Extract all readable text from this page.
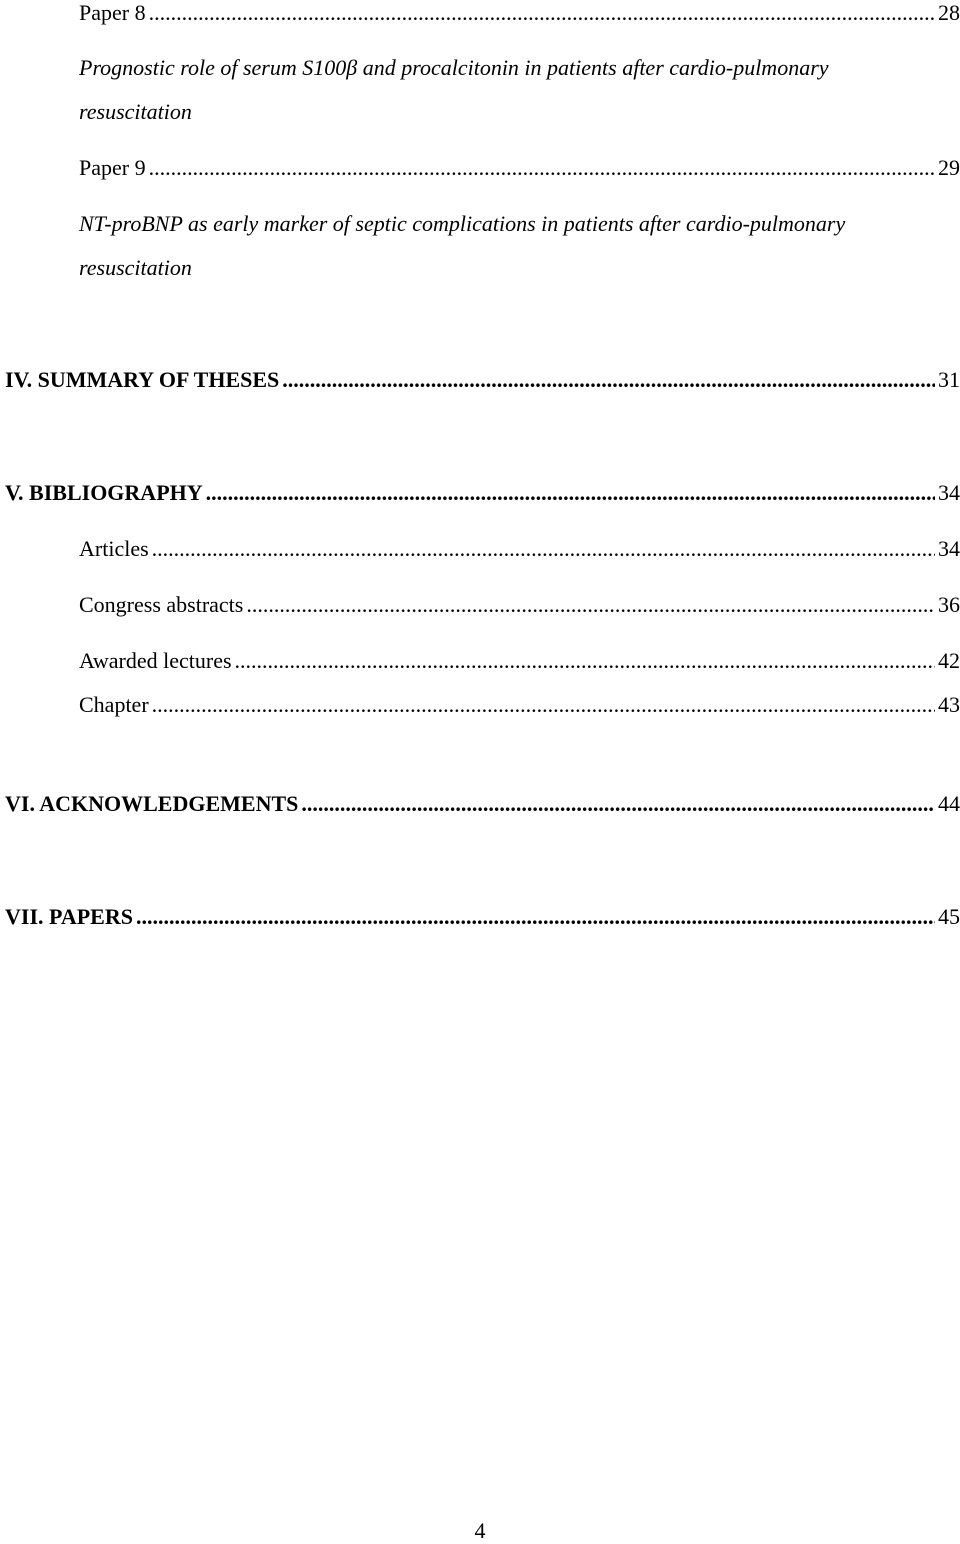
Paper 8 .....	28
Prognostic role of serum S100β and procalcitonin in patients after cardio-pulmonary resuscitation
Paper 9 .....	29
NT-proBNP as early marker of septic complications in patients after cardio-pulmonary resuscitation
IV. SUMMARY OF THESES .....	31
V. BIBLIOGRAPHY .....	34
Articles .....	34
Congress abstracts .....	36
Awarded lectures .....	42
Chapter .....	43
VI. ACKNOWLEDGEMENTS .....	44
VII. PAPERS .....	45
4
